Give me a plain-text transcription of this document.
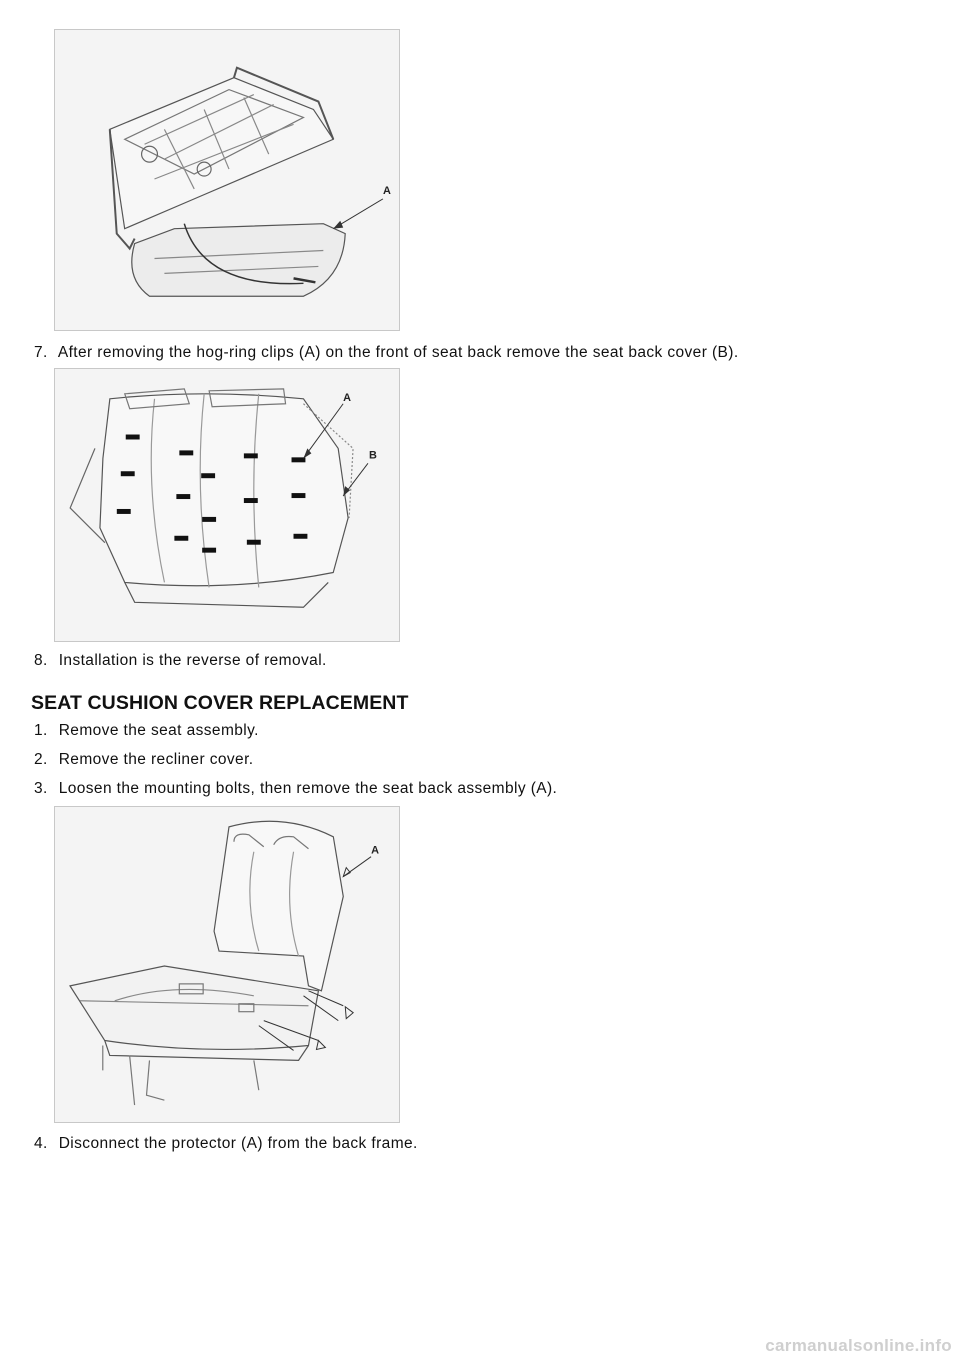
A
7. After removing the hog-ring clips (A) on the front of seat back remove the seat back cover (B).
A
B
8. Installation is the reverse of removal.
SEAT CUSHION COVER REPLACEMENT
1. Remove the seat assembly.
2. Remove the recliner cover.
3. Loosen the mounting bolts, then remove the seat back assembly (A).
A
4. Disconnect the protector (A) from the back frame.
carmanualsonline.info
